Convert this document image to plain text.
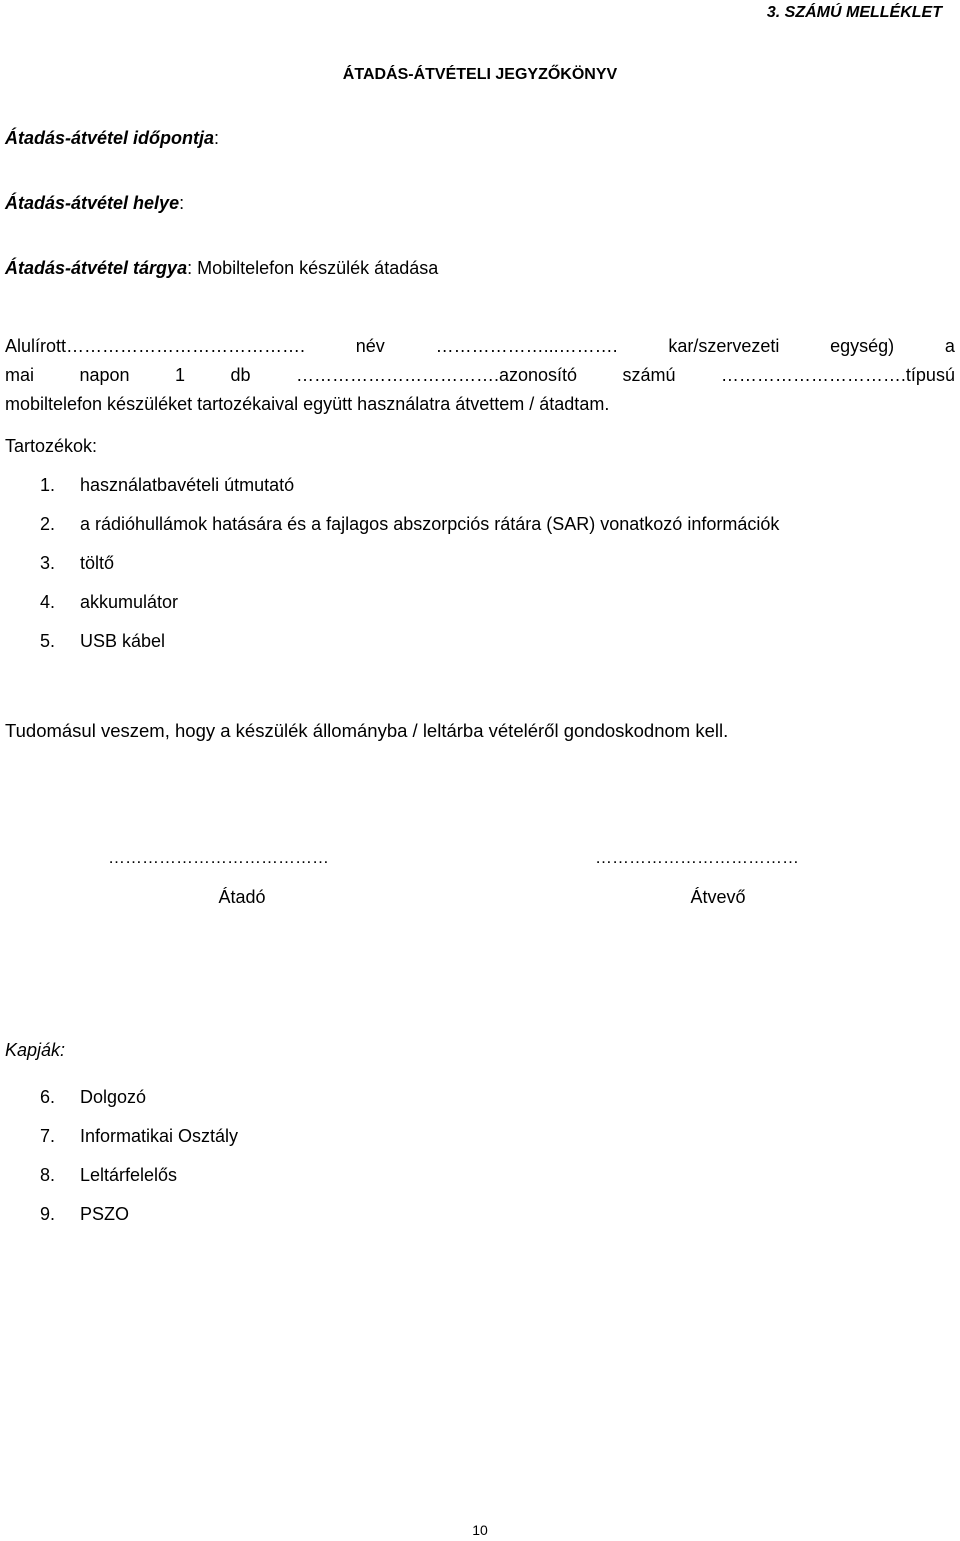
3. SZÁMÚ MELLÉKLET
ÁTADÁS-ÁTVÉTELI JEGYZŐKÖNYV
Átadás-átvétel időpontja:
Átadás-átvétel helye:
Átadás-átvétel tárgya: Mobiltelefon készülék átadása
Alulírott………………………………….	név	………………...……….	kar/szervezeti	egység)	a
mai	napon	1	db	…………………………….azonosító	számú	………………………….típusú
mobiltelefon készüléket tartozékaival együtt használatra átvettem / átadtam.
Tartozékok:
1. használatbavételi útmutató
2. a rádióhullámok hatására és a fajlagos abszorpciós rátára (SAR) vonatkozó információk
3. töltő
4. akkumulátor
5. USB kábel
Tudomásul veszem, hogy a készülék állományba / leltárba vételéről gondoskodnom kell.
…………………………………
Átadó
………………………………
Átvevő
Kapják:
6. Dolgozó
7. Informatikai Osztály
8. Leltárfelelős
9. PSZO
10
